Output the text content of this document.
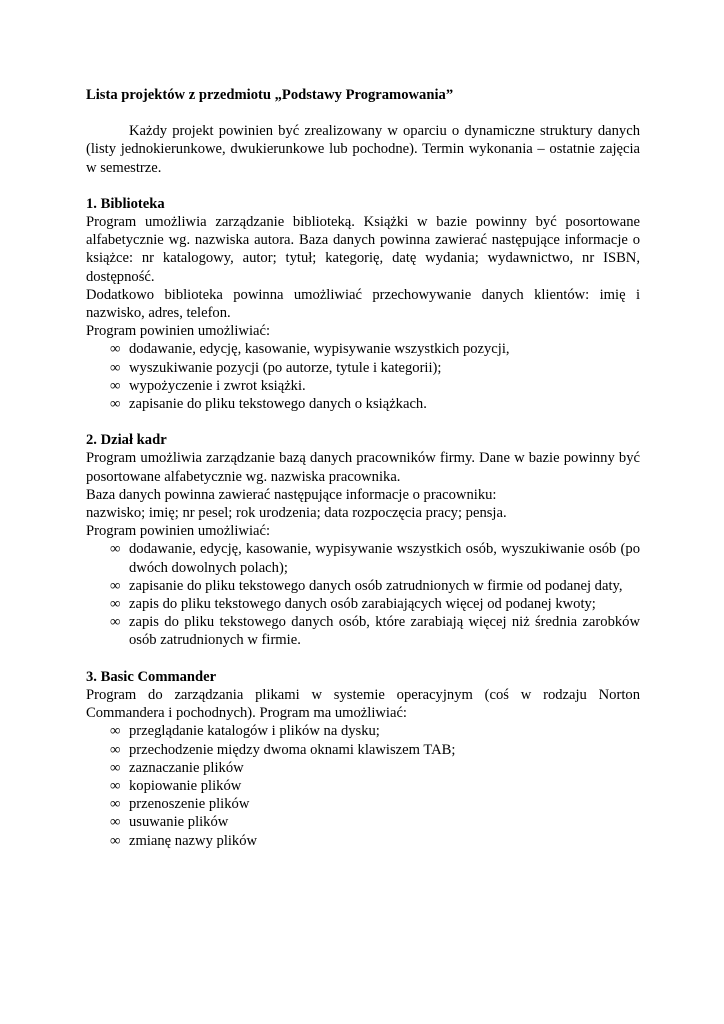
Lista projektów z przedmiotu „Podstawy Programowania”

Każdy projekt powinien być zrealizowany w oparciu o dynamiczne struktury danych (listy jednokierunkowe, dwukierunkowe lub pochodne). Termin wykonania – ostatnie zajęcia w semestrze.

1. Biblioteka

Program umożliwia zarządzanie biblioteką. Książki w bazie powinny być posortowane alfabetycznie wg. nazwiska autora. Baza danych powinna zawierać następujące informacje o książce: nr katalogowy, autor; tytuł; kategorię, datę wydania; wydawnictwo, nr ISBN, dostępność.

Dodatkowo biblioteka powinna umożliwiać przechowywanie danych klientów: imię i nazwisko, adres, telefon.

Program powinien umożliwiać:

∞ dodawanie, edycję, kasowanie, wypisywanie wszystkich pozycji,
∞ wyszukiwanie pozycji (po autorze, tytule i kategorii);
∞ wypożyczenie i zwrot książki.
∞ zapisanie do pliku tekstowego danych o książkach.

2. Dział kadr

Program umożliwia zarządzanie bazą danych pracowników firmy. Dane w bazie powinny być posortowane alfabetycznie wg. nazwiska pracownika.

Baza danych powinna zawierać następujące informacje o pracowniku:

nazwisko; imię; nr pesel; rok urodzenia; data rozpoczęcia pracy; pensja.

Program powinien umożliwiać:

∞ dodawanie, edycję, kasowanie, wypisywanie wszystkich osób, wyszukiwanie osób (po dwóch dowolnych polach);
∞ zapisanie do pliku tekstowego danych osób zatrudnionych w firmie od podanej daty,
∞ zapis do pliku tekstowego danych osób zarabiających więcej od podanej kwoty;
∞ zapis do pliku tekstowego danych osób, które zarabiają więcej niż średnia zarobków osób zatrudnionych w firmie.

3. Basic Commander

Program do zarządzania plikami w systemie operacyjnym (coś w rodzaju Norton Commandera i pochodnych). Program ma umożliwiać:

∞ przeglądanie katalogów i plików na dysku;
∞ przechodzenie między dwoma oknami klawiszem TAB;
∞ zaznaczanie plików
∞ kopiowanie plików
∞ przenoszenie plików
∞ usuwanie plików
∞ zmianę nazwy plików
